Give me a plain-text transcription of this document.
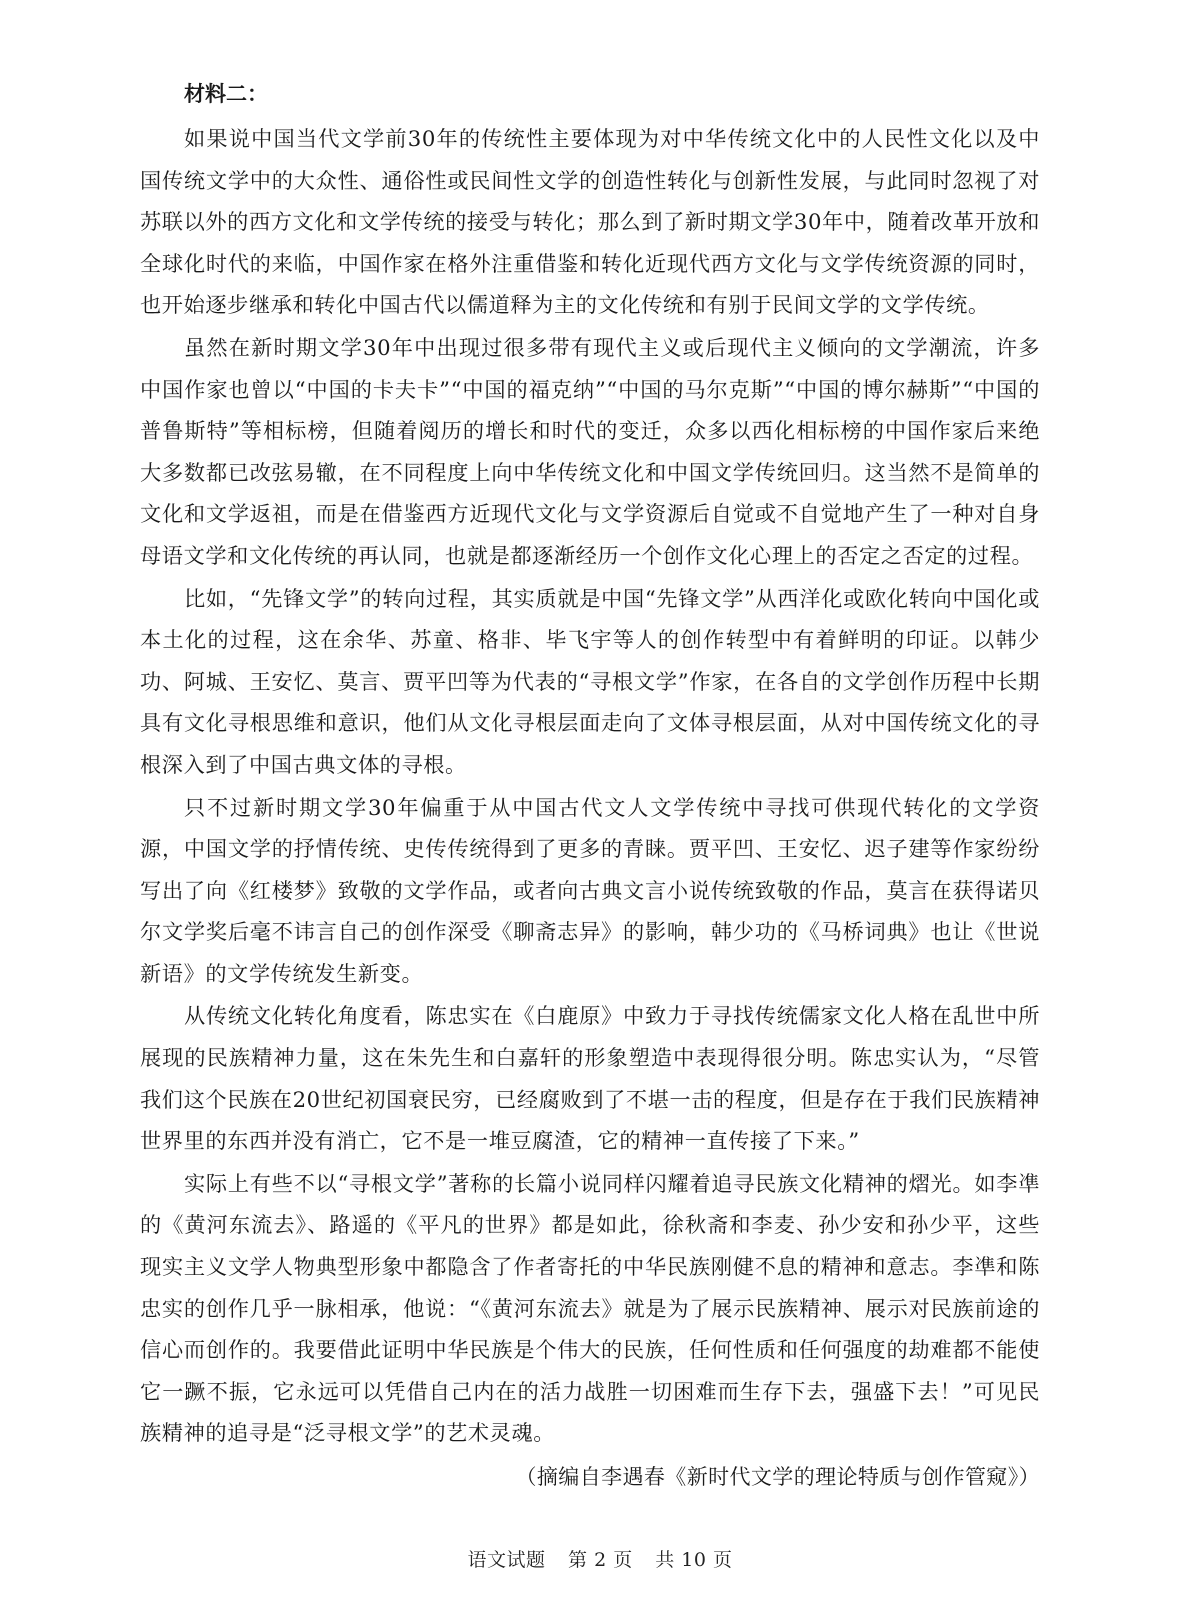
材料二：

如果说中国当代文学前30年的传统性主要体现为对中华传统文化中的人民性文化以及中国传统文学中的大众性、通俗性或民间性文学的创造性转化与创新性发展，与此同时忽视了对苏联以外的西方文化和文学传统的接受与转化；那么到了新时期文学30年中，随着改革开放和全球化时代的来临，中国作家在格外注重借鉴和转化近现代西方文化与文学传统资源的同时，也开始逐步继承和转化中国古代以儒道释为主的文化传统和有别于民间文学的文学传统。

虽然在新时期文学30年中出现过很多带有现代主义或后现代主义倾向的文学潮流，许多中国作家也曾以“中国的卡夫卡”“中国的福克纳”“中国的马尔克斯”“中国的博尔赫斯”“中国的普鲁斯特”等相标榜，但随着阅历的增长和时代的变迁，众多以西化相标榜的中国作家后来绝大多数都已改弦易辙，在不同程度上向中华传统文化和中国文学传统回归。这当然不是简单的文化和文学返祖，而是在借鉴西方近现代文化与文学资源后自觉或不自觉地产生了一种对自身母语文学和文化传统的再认同，也就是都逐渐经历一个创作文化心理上的否定之否定的过程。

比如，“先锋文学”的转向过程，其实质就是中国“先锋文学”从西洋化或欧化转向中国化或本土化的过程，这在余华、苏童、格非、毕飞宇等人的创作转型中有着鲜明的印证。以韩少功、阿城、王安忆、莫言、贾平凹等为代表的“寻根文学”作家，在各自的文学创作历程中长期具有文化寻根思维和意识，他们从文化寻根层面走向了文体寻根层面，从对中国传统文化的寻根深入到了中国古典文体的寻根。

只不过新时期文学30年偏重于从中国古代文人文学传统中寻找可供现代转化的文学资源，中国文学的抒情传统、史传传统得到了更多的青睐。贾平凹、王安忆、迟子建等作家纷纷写出了向《红楼梦》致敬的文学作品，或者向古典文言小说传统致敬的作品，莫言在获得诺贝尔文学奖后毫不讳言自己的创作深受《聊斋志异》的影响，韩少功的《马桥词典》也让《世说新语》的文学传统发生新变。

从传统文化转化角度看，陈忠实在《白鹿原》中致力于寻找传统儒家文化人格在乱世中所展现的民族精神力量，这在朱先生和白嘉轩的形象塑造中表现得很分明。陈忠实认为，“尽管我们这个民族在20世纪初国衰民穷，已经腐败到了不堪一击的程度，但是存在于我们民族精神世界里的东西并没有消亡，它不是一堆豆腐渣，它的精神一直传接了下来。”

实际上有些不以“寻根文学”著称的长篇小说同样闪耀着追寻民族文化精神的熠光。如李凖的《黄河东流去》、路遥的《平凡的世界》都是如此，徐秋斋和李麦、孙少安和孙少平，这些现实主义文学人物典型形象中都隐含了作者寄托的中华民族刚健不息的精神和意志。李凖和陈忠实的创作几乎一脉相承，他说：“《黄河东流去》就是为了展示民族精神、展示对民族前途的信心而创作的。我要借此证明中华民族是个伟大的民族，任何性质和任何强度的劫难都不能使它一蹶不振，它永远可以凭借自己内在的活力战胜一切困难而生存下去，强盛下去！”可见民族精神的追寻是“泛寻根文学”的艺术灵魂。

（摘编自李遇春《新时代文学的理论特质与创作管窥》）
语文试题 第 2 页 共 10 页
